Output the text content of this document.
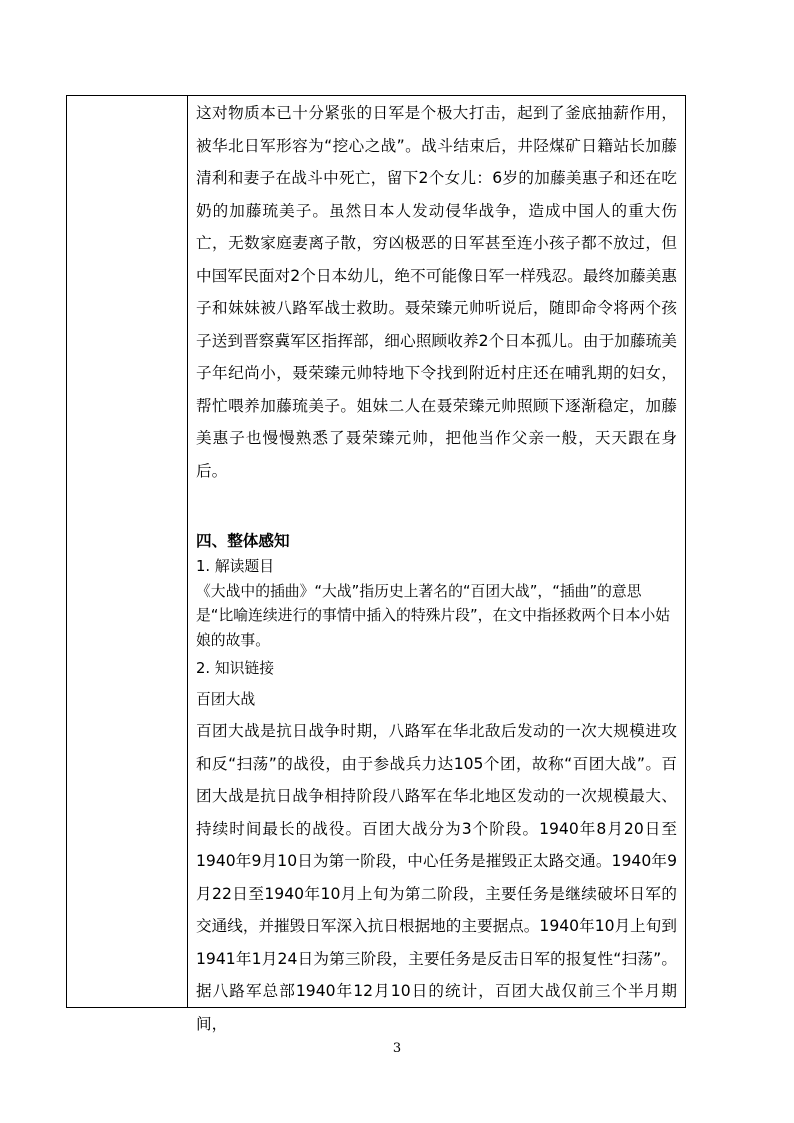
这对物质本已十分紧张的日军是个极大打击，起到了釜底抽薪作用，被华北日军形容为“挖心之战”。战斗结束后，井陉煤矿日籍站长加藤清利和妻子在战斗中死亡，留下2个女儿：6岁的加藤美惠子和还在吃奶的加藤琉美子。虽然日本人发动侵华战争，造成中国人的重大伤亡，无数家庭妻离子散，穷凶极恶的日军甚至连小孩子都不放过，但中国军民面对2个日本幼儿，绝不可能像日军一样残忍。最终加藤美惠子和妹妹被八路军战士救助。聂荣臻元帅听说后，随即命令将两个孩子送到晋察冀军区指挥部，细心照顾收养2个日本孤儿。由于加藤琉美子年纪尚小，聂荣臻元帅特地下令找到附近村庄还在哺乳期的妇女，帮忙喂养加藤琉美子。姐妹二人在聂荣臻元帅照顾下逐渐稳定，加藤美惠子也慢慢熟悉了聂荣臻元帅，把他当作父亲一般，天天跟在身后。

四、整体感知

1. 解读题目

《大战中的插曲》“大战”指历史上著名的“百团大战”，“插曲”的意思是“比喻连续进行的事情中插入的特殊片段”，在文中指拯救两个日本小姑娘的故事。

2. 知识链接

百团大战

百团大战是抗日战争时期，八路军在华北敌后发动的一次大规模进攻和反“扫荡”的战役，由于参战兵力达105个团，故称“百团大战”。百团大战是抗日战争相持阶段八路军在华北地区发动的一次规模最大、持续时间最长的战役。百团大战分为3个阶段。1940年8月20日至1940年9月10日为第一阶段，中心任务是摧毁正太路交通。1940年9月22日至1940年10月上旬为第二阶段，主要任务是继续破坏日军的交通线，并摧毁日军深入抗日根据地的主要据点。1940年10月上旬到1941年1月24日为第三阶段，主要任务是反击日军的报复性“扫荡”。据八路军总部1940年12月10日的统计，百团大战仅前三个半月期间，

3
